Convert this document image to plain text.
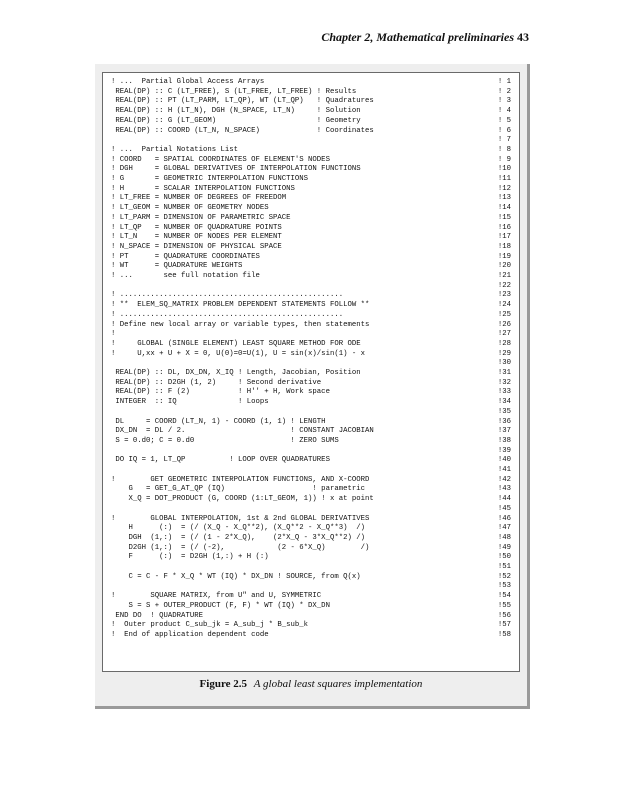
Chapter 2, Mathematical preliminaries 43
! ...  Partial Global Access Arrays	! 1
REAL(DP) :: C (LT_FREE), S (LT_FREE, LT_FREE) ! Results	! 2
REAL(DP) :: PT (LT_PARM, LT_QP), WT (LT_QP)   ! Quadratures	! 3
REAL(DP) :: H (LT_N), DGH (N_SPACE, LT_N)     ! Solution	! 4
REAL(DP) :: G (LT_GEOM)                       ! Geometry	! 5
REAL(DP) :: COORD (LT_N, N_SPACE)             ! Coordinates	! 6
! 7
! ...  Partial Notations List	! 8
! COORD   = SPATIAL COORDINATES OF ELEMENT'S NODES	! 9
! DGH     = GLOBAL DERIVATIVES OF INTERPOLATION FUNCTIONS	!10
! G       = GEOMETRIC INTERPOLATION FUNCTIONS	!11
! H       = SCALAR INTERPOLATION FUNCTIONS	!12
! LT_FREE = NUMBER OF DEGREES OF FREEDOM	!13
! LT_GEOM = NUMBER OF GEOMETRY NODES	!14
! LT_PARM = DIMENSION OF PARAMETRIC SPACE	!15
! LT_QP   = NUMBER OF QUADRATURE POINTS	!16
! LT_N    = NUMBER OF NODES PER ELEMENT	!17
! N_SPACE = DIMENSION OF PHYSICAL SPACE	!18
! PT      = QUADRATURE COORDINATES	!19
! WT      = QUADRATURE WEIGHTS	!20
! ...       see full notation file	!21
!22
! ...................................................	!23
! **  ELEM_SQ_MATRIX PROBLEM DEPENDENT STATEMENTS FOLLOW **	!24
! ...................................................	!25
! Define new local array or variable types, then statements	!26
!	!27
!     GLOBAL (SINGLE ELEMENT) LEAST SQUARE METHOD FOR ODE	!28
!     U,xx + U + X = 0, U(0)=0=U(1), U = sin(x)/sin(1) - x	!29
!30
REAL(DP) :: DL, DX_DN, X_IQ ! Length, Jacobian, Position	!31
REAL(DP) :: D2GH (1, 2)     ! Second derivative	!32
REAL(DP) :: F (2)           ! H'' + H, Work space	!33
INTEGER  :: IQ              ! Loops	!34
!35
DL     = COORD (LT_N, 1) - COORD (1, 1) ! LENGTH	!36
DX_DN  = DL / 2.                        ! CONSTANT JACOBIAN	!37
S = 0.d0; C = 0.d0                      ! ZERO SUMS	!38
!39
DO IQ = 1, LT_QP          ! LOOP OVER QUADRATURES	!40
!41
!        GET GEOMETRIC INTERPOLATION FUNCTIONS, AND X-COORD	!42
G   = GET_G_AT_QP (IQ)                    ! parametric	!43
X_Q = DOT_PRODUCT (G, COORD (1:LT_GEOM, 1)) ! x at point	!44
!45
!        GLOBAL INTERPOLATION, 1st & 2nd GLOBAL DERIVATIVES	!46
H      (:)  = (/ (X_Q - X_Q**2), (X_Q**2 - X_Q**3)  /)	!47
DGH  (1,:)  = (/ (1 - 2*X_Q),    (2*X_Q - 3*X_Q**2) /)	!48
D2GH (1,:)  = (/ (-2),            (2 - 6*X_Q)        /)	!49
F      (:)  = D2GH (1,:) + H (:)	!50
!51
C = C - F * X_Q * WT (IQ) * DX_DN ! SOURCE, from Q(x)	!52
!53
!        SQUARE MATRIX, from U" and U, SYMMETRIC	!54
S = S + OUTER_PRODUCT (F, F) * WT (IQ) * DX_DN	!55
END DO  ! QUADRATURE	!56
!  Outer product C_sub_jk = A_sub_j * B_sub_k	!57
!  End of application dependent code	!58
Figure 2.5 A global least squares implementation
